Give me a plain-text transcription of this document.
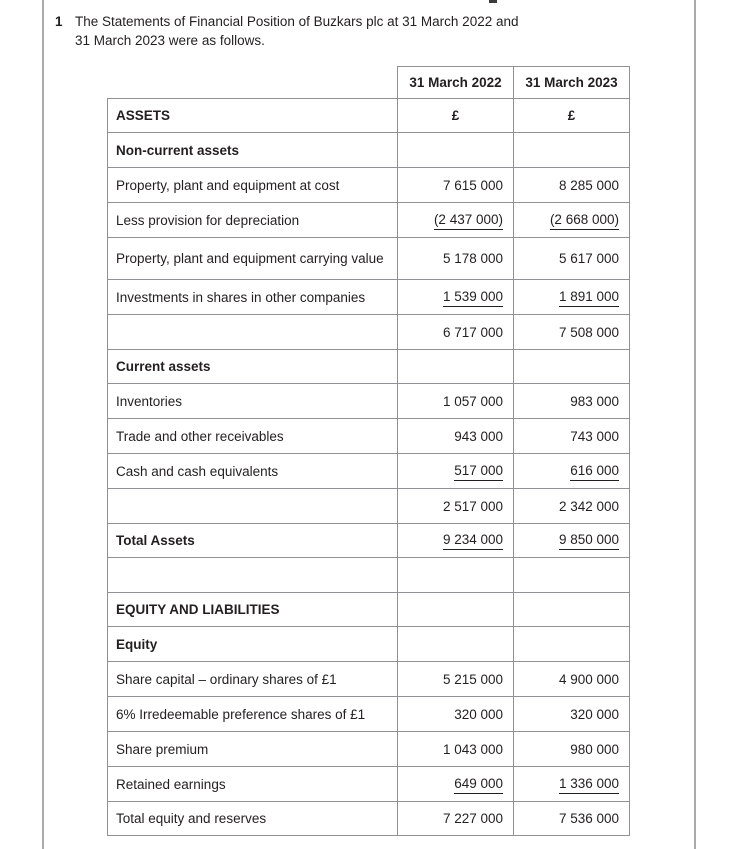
1 The Statements of Financial Position of Buzkars plc at 31 March 2022 and
31 March 2023 were as follows.
	31 March 2022	31 March 2023
ASSETS	£	£
Non-current assets		
Property, plant and equipment at cost	7 615 000	8 285 000
Less provision for depreciation	(2 437 000)	(2 668 000)
Property, plant and equipment carrying value	5 178 000	5 617 000
Investments in shares in other companies	1 539 000	1 891 000
	6 717 000	7 508 000
Current assets		
Inventories	1 057 000	983 000
Trade and other receivables	943 000	743 000
Cash and cash equivalents	517 000	616 000
	2 517 000	2 342 000
Total Assets	9 234 000	9 850 000

EQUITY AND LIABILITIES		
Equity		
Share capital – ordinary shares of £1	5 215 000	4 900 000
6% Irredeemable preference shares of £1	320 000	320 000
Share premium	1 043 000	980 000
Retained earnings	649 000	1 336 000
Total equity and reserves	7 227 000	7 536 000
